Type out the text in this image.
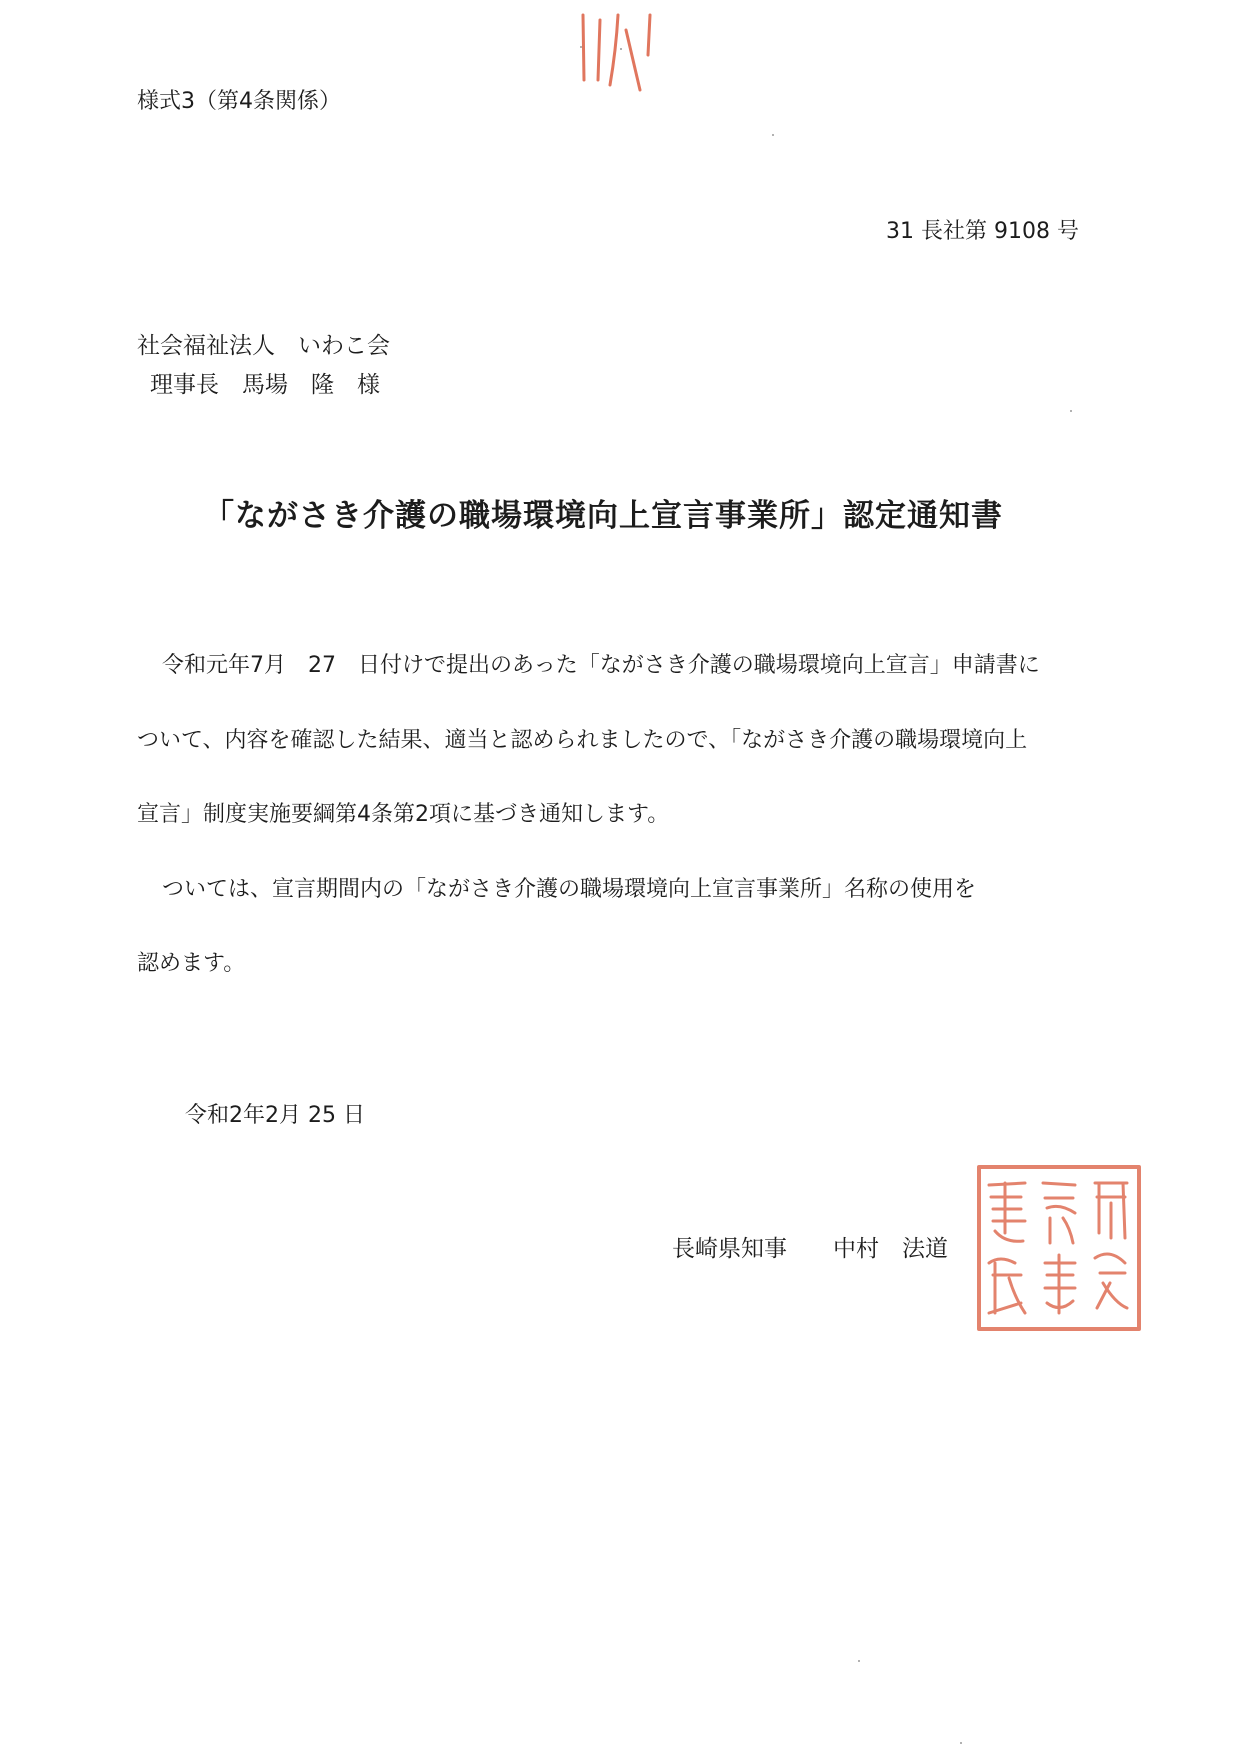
様式3（第4条関係）
31 長社第 9108 号
社会福祉法人　いわこ会
理事長　馬場　隆　様
「ながさき介護の職場環境向上宣言事業所」認定通知書
令和元年7月　27　日付けで提出のあった「ながさき介護の職場環境向上宣言」申請書に
ついて、内容を確認した結果、適当と認められましたので、「ながさき介護の職場環境向上
宣言」制度実施要綱第4条第2項に基づき通知します。
ついては、宣言期間内の「ながさき介護の職場環境向上宣言事業所」名称の使用を
認めます。
令和2年2月 25 日
長崎県知事　　中村　法道
